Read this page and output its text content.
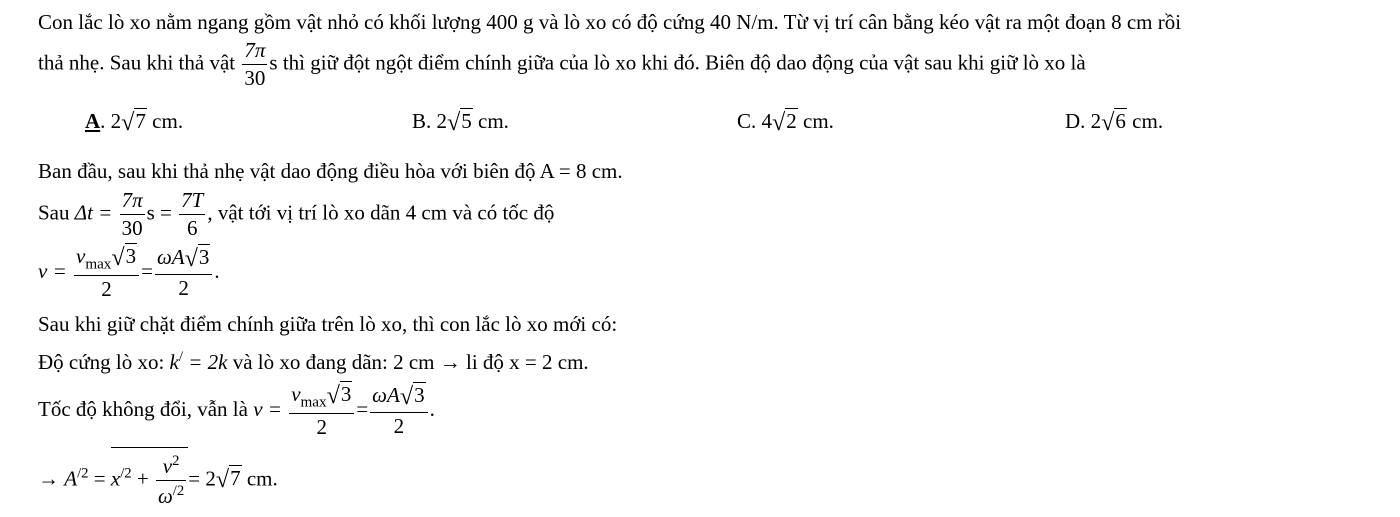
Con lắc lò xo nằm ngang gồm vật nhỏ có khối lượng 400 g và lò xo có độ cứng 40 N/m. Từ vị trí cân bằng kéo vật ra một đoạn 8 cm rồi
thả nhẹ. Sau khi thả vật $\frac{7\pi}{30}$ s thì giữ đột ngột điểm chính giữa của lò xo khi đó. Biên độ dao động của vật sau khi giữ lò xo là
A. 2√7 cm.	B. 2√5 cm.	C. 4√2 cm.	D. 2√6 cm.
Ban đầu, sau khi thả nhẹ vật dao động điều hòa với biên độ A = 8 cm.
Sau $\Delta t = \frac{7\pi}{30}$ $s = \frac{7T}{6}$ , vật tới vị trí lò xo dãn 4 cm và có tốc độ
$v = \frac{v_{max}√3}{2} = \frac{\omega A√3}{2}$ .
Sau khi giữ chặt điểm chính giữa trên lò xo, thì con lắc lò xo mới có:
Độ cứng lò xo: k/ = 2k và lò xo đang dãn: 2 cm → li độ x = 2 cm.
Tốc độ không đổi, vẫn là $v = \frac{v_{max}√3}{2} = \frac{\omega A√3}{2}$ .
→ $A^{/2} = x^{/2} + \frac{v^2}{\omega^{/2}} = 2√7$ cm.
